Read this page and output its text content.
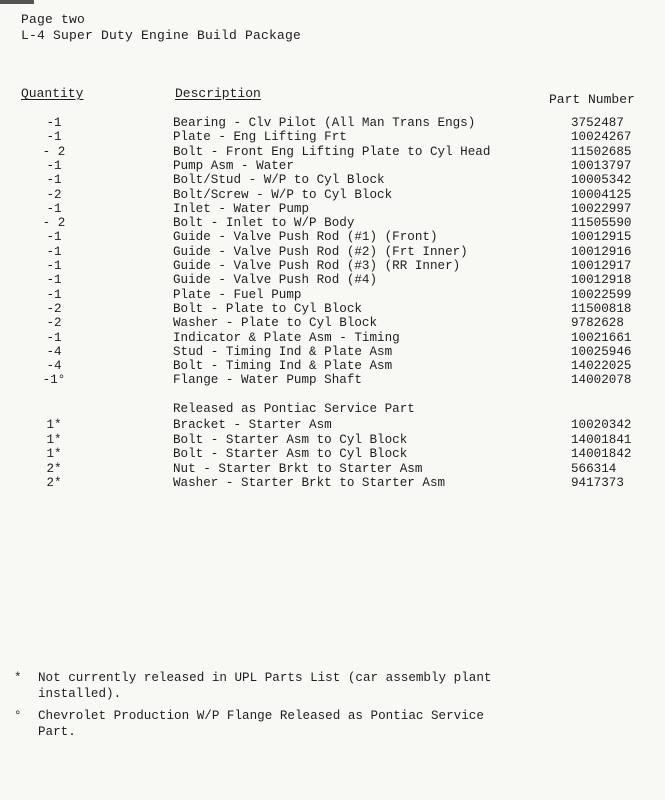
Page two
L-4 Super Duty Engine Build Package
Quantity	Description	Part Number
-1	Bearing - Clv Pilot (All Man Trans Engs)	3752487
-1	Plate - Eng Lifting Frt	10024267
- 2	Bolt - Front Eng Lifting Plate to Cyl Head	11502685
-1	Pump Asm - Water	10013797
-1	Bolt/Stud - W/P to Cyl Block	10005342
-2	Bolt/Screw - W/P to Cyl Block	10004125
-1	Inlet - Water Pump	10022997
- 2	Bolt - Inlet to W/P Body	11505590
-1	Guide - Valve Push Rod (#1) (Front)	10012915
-1	Guide - Valve Push Rod (#2) (Frt Inner)	10012916
-1	Guide - Valve Push Rod (#3) (RR Inner)	10012917
-1	Guide - Valve Push Rod (#4)	10012918
-1	Plate - Fuel Pump	10022599
-2	Bolt - Plate to Cyl Block	11500818
-2	Washer - Plate to Cyl Block	9782628
-1	Indicator & Plate Asm - Timing	10021661
-4	Stud - Timing Ind & Plate Asm	10025946
-4	Bolt - Timing Ind & Plate Asm	14022025
-1°	Flange - Water Pump Shaft	14002078
Released as Pontiac Service Part
1*	Bracket - Starter Asm	10020342
1*	Bolt - Starter Asm to Cyl Block	14001841
1*	Bolt - Starter Asm to Cyl Block	14001842
2*	Nut - Starter Brkt to Starter Asm	566314
2*	Washer - Starter Brkt to Starter Asm	9417373
* Not currently released in UPL Parts List (car assembly plant
installed).
° Chevrolet Production W/P Flange Released as Pontiac Service
Part.
